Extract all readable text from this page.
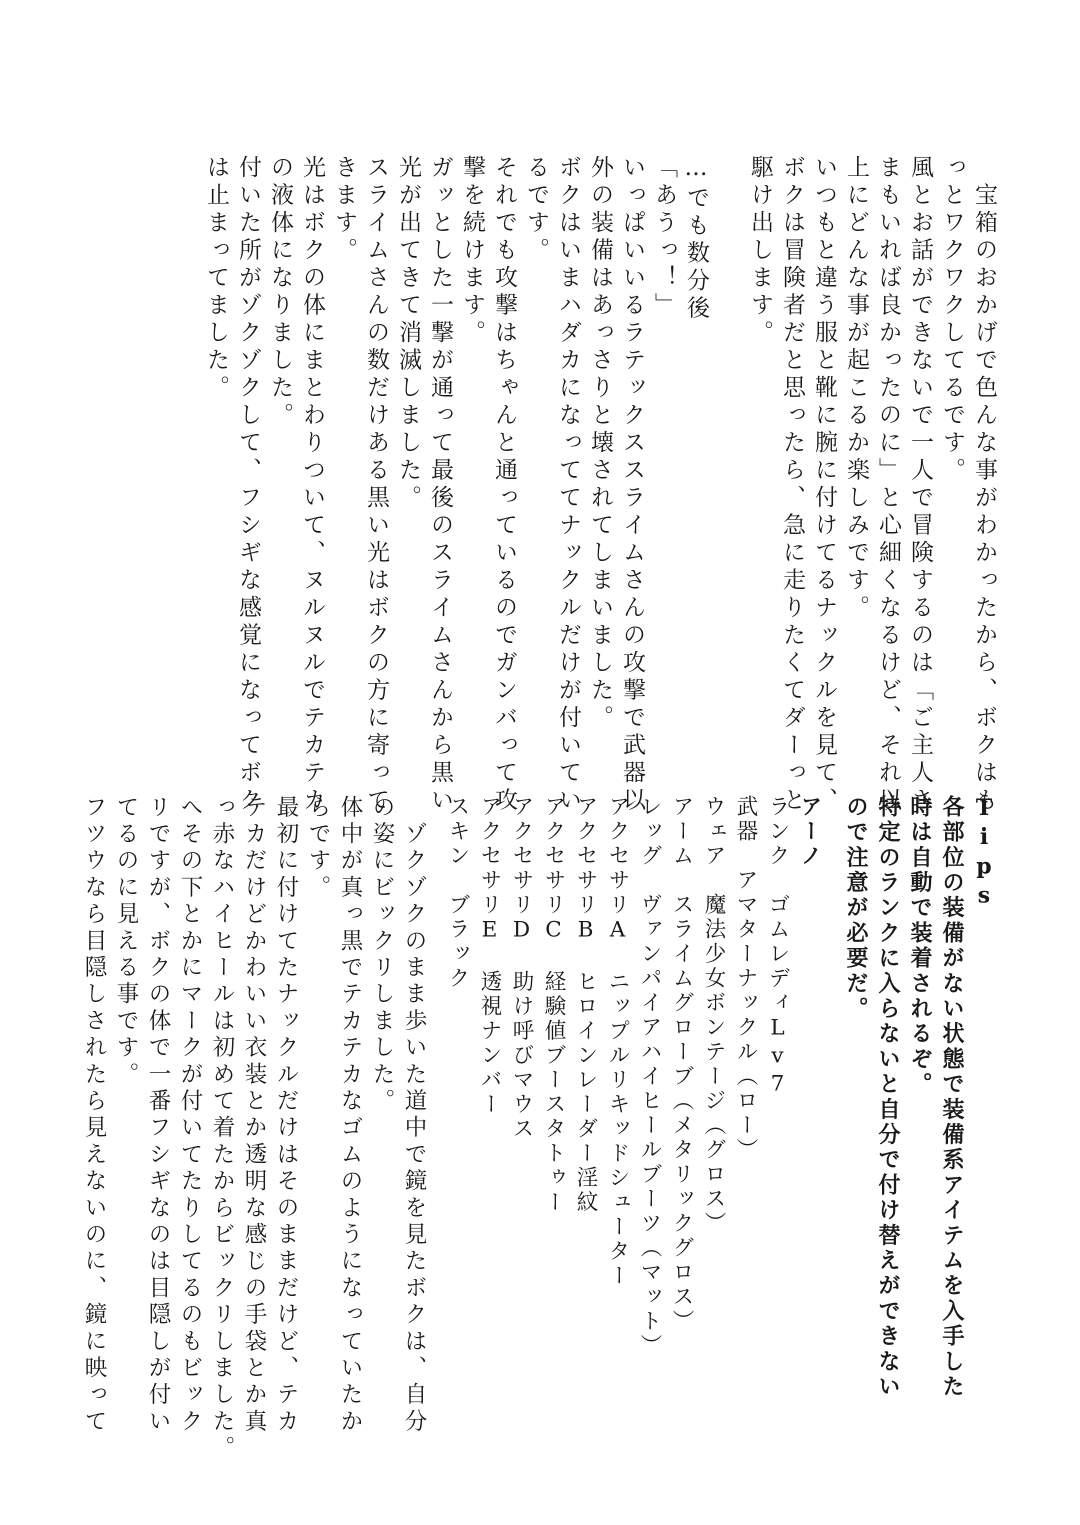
　宝箱のおかげで色んな事がわかったから、ボクはも
っとワクワクしてるです。
風とお話ができないで一人で冒険するのは「ご主人さ
まもいれば良かったのに」と心細くなるけど、それ以
上にどんな事が起こるか楽しみです。
いつもと違う服と靴に腕に付けてるナックルを見て、
ボクは冒険者だと思ったら、急に走りたくてダーっと
駆け出します。
…でも数分後
「あうっ！」
いっぱいいるラテックススライムさんの攻撃で武器以
外の装備はあっさりと壊されてしまいました。
ボクはいまハダカになっててナックルだけが付いてい
るです。
それでも攻撃はちゃんと通っているのでガンバって攻
撃を続けます。
ガッとした一撃が通って最後のスライムさんから黒い
光が出てきて消滅しました。
スライムさんの数だけある黒い光はボクの方に寄って
きます。
光はボクの体にまとわりついて、ヌルヌルでテカテカ
の液体になりました。
付いた所がゾクゾクして、フシギな感覚になってボク
は止まってました。
Tips
各部位の装備がない状態で装備系アイテムを入手した
時は自動で装着されるぞ。
特定のランクに入らないと自分で付け替えができない
ので注意が必要だ。
アーノ
ランク　ゴムレディLv7
武器　アマターナックル（ロー）
ウェア　魔法少女ボンテージ（グロス）
アーム　スライムグローブ（メタリックグロス）
レッグ　ヴァンパイアハイヒールブーツ（マット）
アクセサリA　ニップルリキッドシューター
アクセサリB　ヒロインレーダー淫紋
アクセサリC　経験値ブースタトゥー
アクセサリD　助け呼びマウス
アクセサリE　透視ナンバー
スキン　ブラック
　ゾクゾクのまま歩いた道中で鏡を見たボクは、自分
の姿にビックリしました。
体中が真っ黒でテカテカなゴムのようになっていたか
らです。
最初に付けてたナックルだけはそのままだけど、テカ
テカだけどかわいい衣装とか透明な感じの手袋とか真
っ赤なハイヒールは初めて着たからビックリしました。
へその下とかにマークが付いてたりしてるのもビック
リですが、ボクの体で一番フシギなのは目隠しが付い
てるのに見える事です。
フツウなら目隠しされたら見えないのに、鏡に映って
